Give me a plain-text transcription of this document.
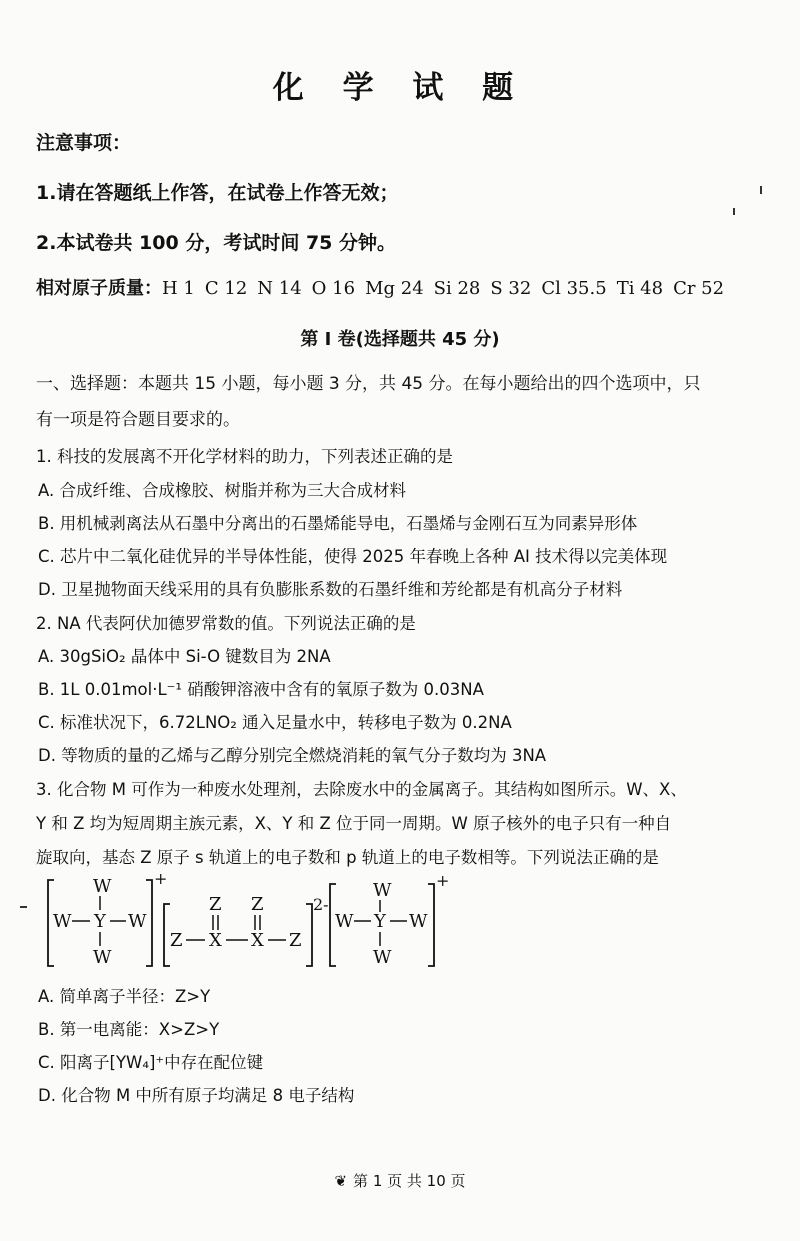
化 学 试 题
注意事项：
1.请在答题纸上作答，在试卷上作答无效；
2.本试卷共 100 分，考试时间 75 分钟。
相对原子质量：H 1 C 12 N 14 O 16 Mg 24 Si 28 S 32 Cl 35.5 Ti 48 Cr 52
第 I 卷(选择题共 45 分)
一、选择题：本题共 15 小题，每小题 3 分，共 45 分。在每小题给出的四个选项中，只
有一项是符合题目要求的。
1. 科技的发展离不开化学材料的助力，下列表述正确的是
A. 合成纤维、合成橡胶、树脂并称为三大合成材料
B. 用机械剥离法从石墨中分离出的石墨烯能导电，石墨烯与金刚石互为同素异形体
C. 芯片中二氧化硅优异的半导体性能，使得 2025 年春晚上各种 AI 技术得以完美体现
D. 卫星抛物面天线采用的具有负膨胀系数的石墨纤维和芳纶都是有机高分子材料
2. NA 代表阿伏加德罗常数的值。下列说法正确的是
A. 30gSiO₂ 晶体中 Si-O 键数目为 2NA
B. 1L 0.01mol·L⁻¹ 硝酸钾溶液中含有的氧原子数为 0.03NA
C. 标准状况下，6.72LNO₂ 通入足量水中，转移电子数为 0.2NA
D. 等物质的量的乙烯与乙醇分别完全燃烧消耗的氧气分子数均为 3NA
3. 化合物 M 可作为一种废水处理剂，去除废水中的金属离子。其结构如图所示。W、X、
Y 和 Z 均为短周期主族元素，X、Y 和 Z 位于同一周期。W 原子核外的电子只有一种自
旋取向，基态 Z 原子 s 轨道上的电子数和 p 轨道上的电子数相等。下列说法正确的是
W
W Y W
W
+
Z Z
Z X X Z
2-
W
W Y W
W
+
A. 简单离子半径：Z>Y
B. 第一电离能：X>Z>Y
C. 阳离子[YW₄]⁺中存在配位键
D. 化合物 M 中所有原子均满足 8 电子结构
❦ 第 1 页 共 10 页
